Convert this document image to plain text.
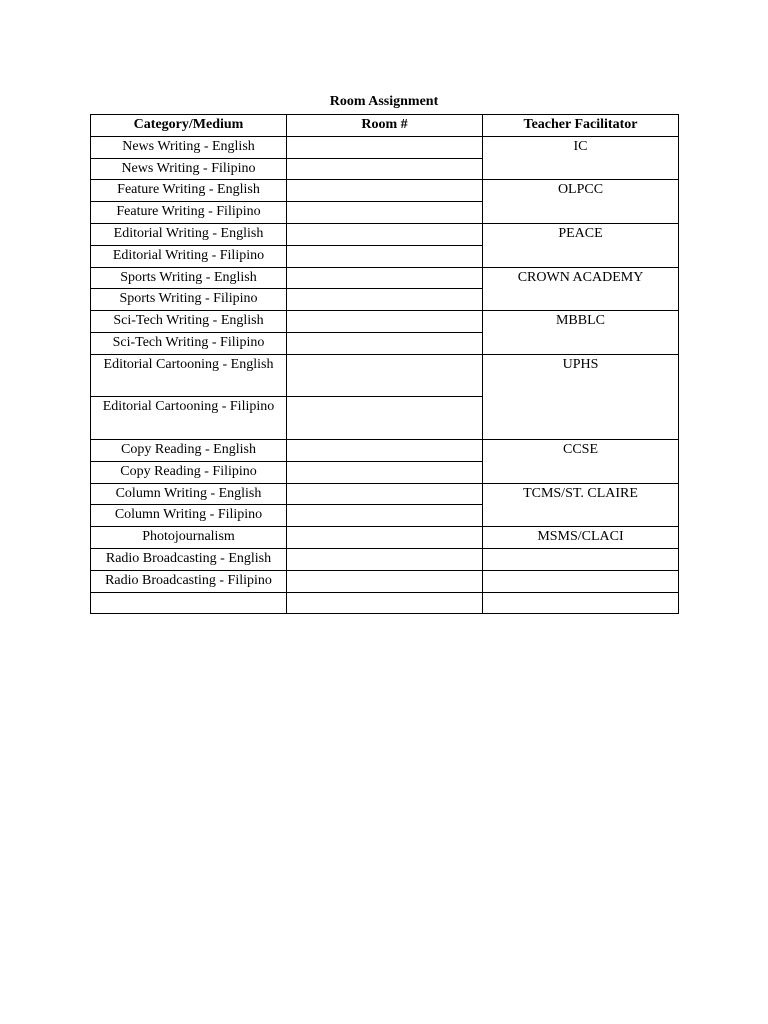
Room Assignment
Category/Medium	Room #	Teacher Facilitator
News Writing - English		IC
News Writing - Filipino		
Feature Writing - English		OLPCC
Feature Writing - Filipino		
Editorial Writing - English		PEACE
Editorial Writing - Filipino		
Sports Writing - English		CROWN ACADEMY
Sports Writing - Filipino		
Sci-Tech Writing - English		MBBLC
Sci-Tech Writing - Filipino		
Editorial Cartooning - English		UPHS
Editorial Cartooning - Filipino		
Copy Reading - English		CCSE
Copy Reading - Filipino		
Column Writing - English		TCMS/ST. CLAIRE
Column Writing - Filipino		
Photojournalism		MSMS/CLACI
Radio Broadcasting - English		
Radio Broadcasting - Filipino		
